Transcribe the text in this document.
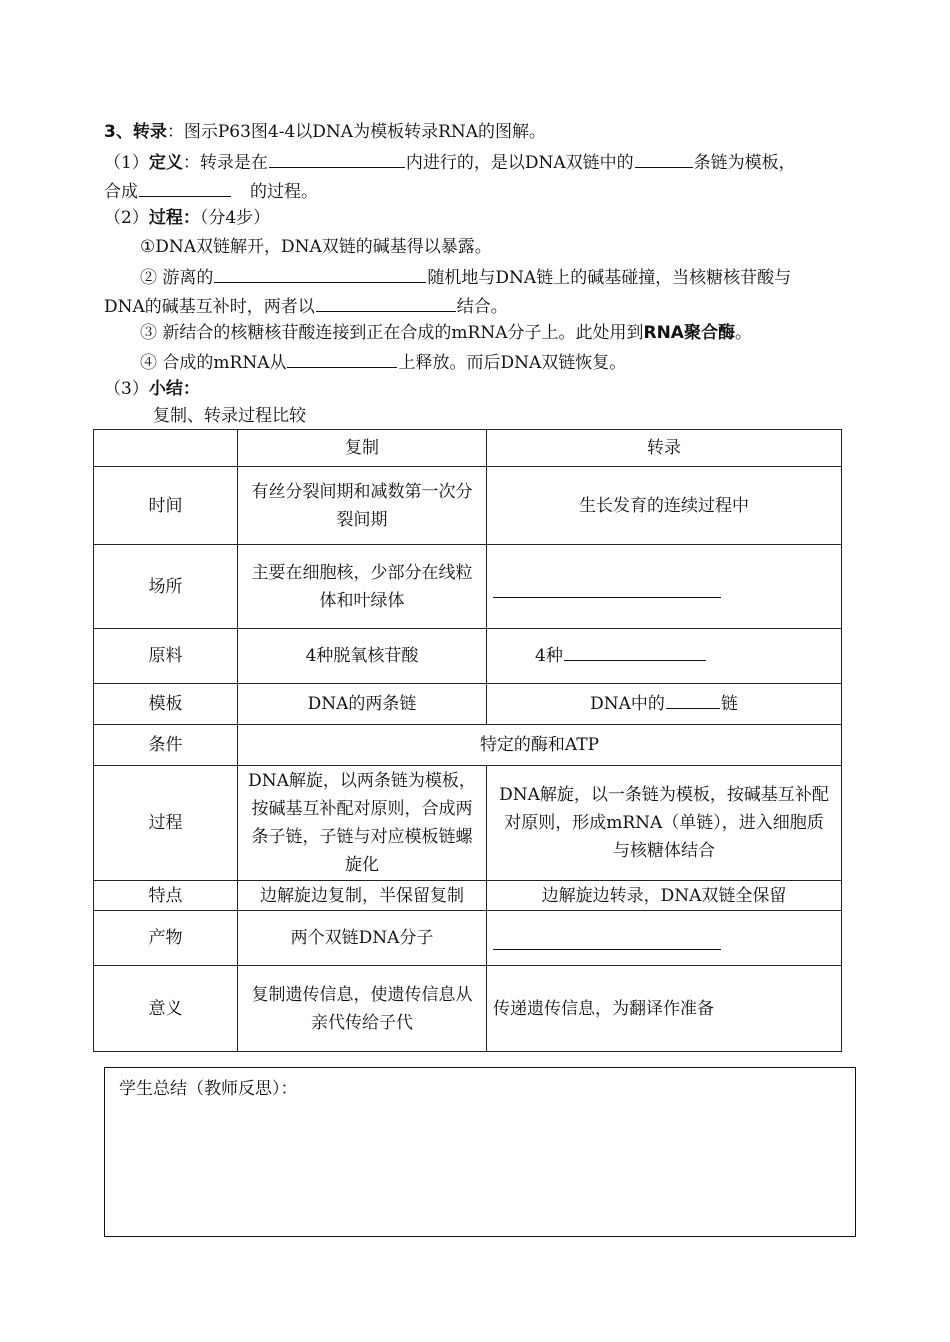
3、转录：图示P63图4-4以DNA为模板转录RNA的图解。
（1）定义：转录是在	内进行的，是以DNA双链中的	条链为模板，
合成	的过程。
（2）过程：（分4步）
①DNA双链解开，DNA双链的碱基得以暴露。
② 游离的	随机地与DNA链上的碱基碰撞，当核糖核苷酸与
DNA的碱基互补时，两者以	结合。
③ 新结合的核糖核苷酸连接到正在合成的mRNA分子上。此处用到RNA聚合酶。
④ 合成的mRNA从	上释放。而后DNA双链恢复。
（3）小结：
复制、转录过程比较
	复制	转录
时间	有丝分裂间期和减数第一次分裂间期	生长发育的连续过程中
场所	主要在细胞核，少部分在线粒体和叶绿体	

原料	4种脱氧核苷酸	4种
模板	DNA的两条链	DNA中的 链
条件	特定的酶和ATP	
过程	DNA解旋，以两条链为模板，按碱基互补配对原则，合成两条子链，子链与对应模板链螺旋化	DNA解旋，以一条链为模板，按碱基互补配对原则，形成mRNA（单链），进入细胞质与核糖体结合
特点	边解旋边复制，半保留复制	边解旋边转录，DNA双链全保留
产物	两个双链DNA分子	

意义	复制遗传信息，使遗传信息从亲代传给子代	传递遗传信息，为翻译作准备
学生总结（教师反思）：
